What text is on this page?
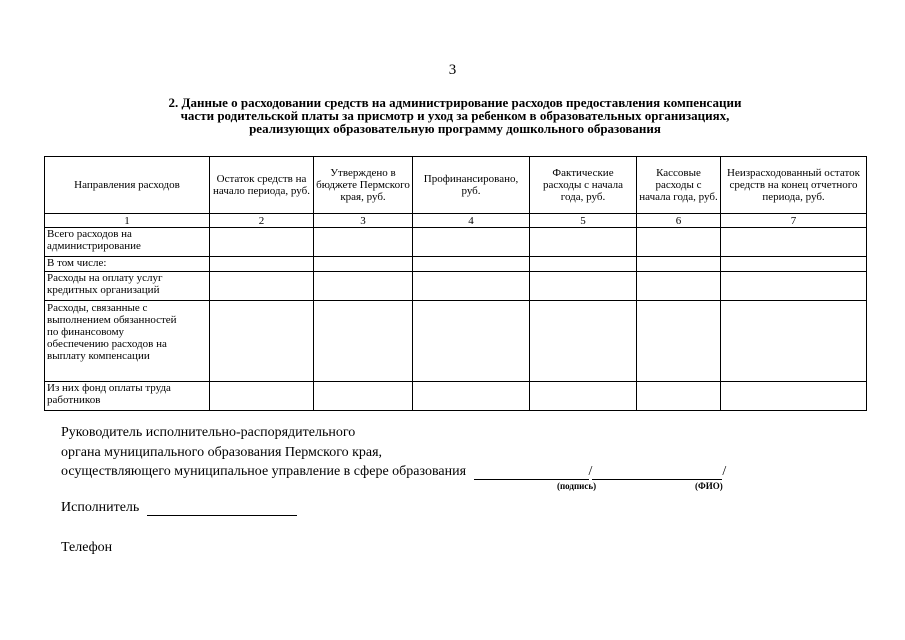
3
2. Данные о расходовании средств на администрирование расходов предоставления компенсации
части родительской платы за присмотр и уход за ребенком в образовательных организациях,
реализующих образовательную программу дошкольного образования
Направления расходов	Остаток средств на начало периода, руб.	Утверждено в бюджете Пермского края, руб.	Профинансировано, руб.	Фактические расходы с начала года, руб.	Кассовые расходы с начала года, руб.	Неизрасходованный остаток средств на конец отчетного периода, руб.
1	2	3	4	5	6	7
Всего расходов на администрирование						
В том числе:						
Расходы на оплату услуг кредитных организаций						

Расходы, связанные с выполнением обязанностей по финансовому обеспечению расходов на выплату компенсации						

Из них фонд оплаты труда работников						
Руководитель исполнительно-распорядительного
органа муниципального образования Пермского края,
осуществляющего муниципальное управление в сфере образования	/	/
(подпись)	(ФИО)
Исполнитель
Телефон
